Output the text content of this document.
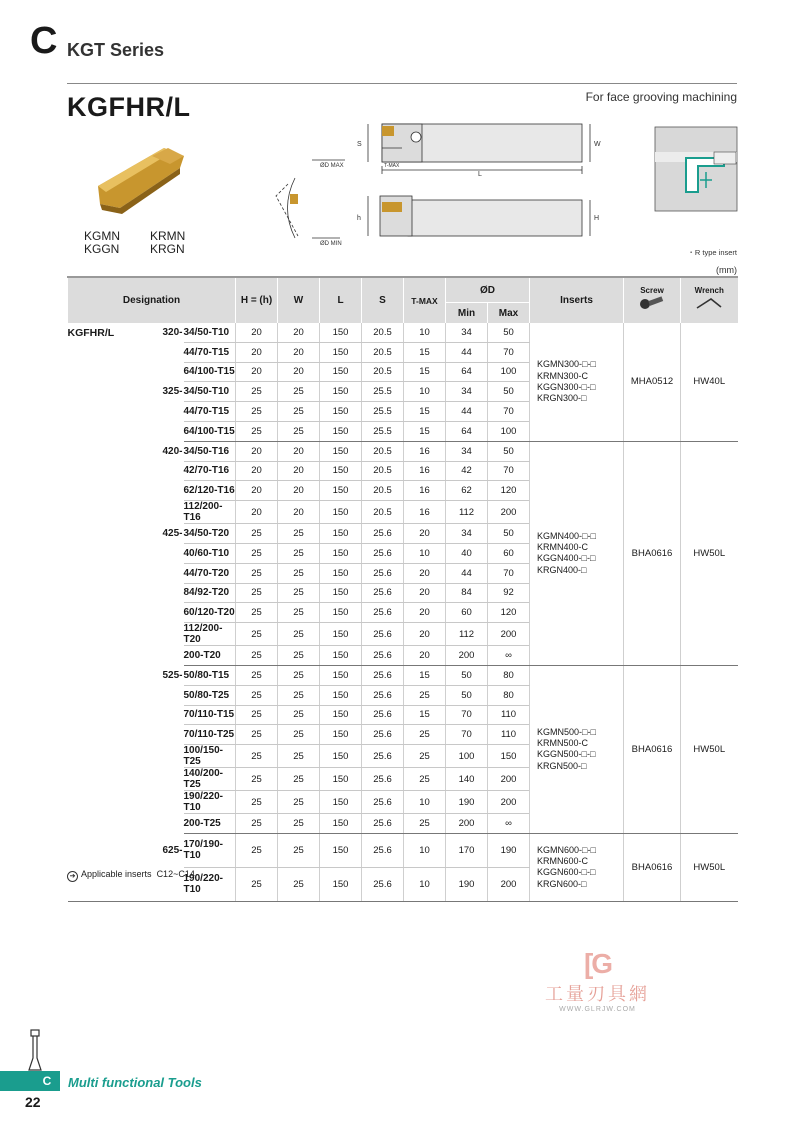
C KGT Series
KGFHR/L	For face grooving machining
KGMN	KRMN
KGGN	KRGN
S	W
L
T-MAX
h	H
ØD MAX
ØD MIN
・R type insert
(mm)
Designation			H = (h)	W	L	S	T-MAX	ØD		Inserts	Screw	Wrench

								Min	Max			
KGFHR/L	320-	34/50-T10	20	20	150	20.5	10	34	50	KGMN300-□-□
KRMN300-C
KGGN300-□-□
KRGN300-□	MHA0512	HW40L
		44/70-T15	20	20	150	20.5	15	44	70			
		64/100-T15	20	20	150	20.5	15	64	100			
	325-	34/50-T10	25	25	150	25.5	10	34	50			
		44/70-T15	25	25	150	25.5	15	44	70			
		64/100-T15	25	25	150	25.5	15	64	100			
	420-	34/50-T16	20	20	150	20.5	16	34	50	KGMN400-□-□
KRMN400-C
KGGN400-□-□
KRGN400-□	BHA0616	HW50L
		42/70-T16	20	20	150	20.5	16	42	70			
		62/120-T16	20	20	150	20.5	16	62	120			
		112/200-T16	20	20	150	20.5	16	112	200			
	425-	34/50-T20	25	25	150	25.6	20	34	50			
		40/60-T10	25	25	150	25.6	10	40	60			
		44/70-T20	25	25	150	25.6	20	44	70			
		84/92-T20	25	25	150	25.6	20	84	92			
		60/120-T20	25	25	150	25.6	20	60	120			
		112/200-T20	25	25	150	25.6	20	112	200			
		200-T20	25	25	150	25.6	20	200	∞			
	525-	50/80-T15	25	25	150	25.6	15	50	80	KGMN500-□-□
KRMN500-C
KGGN500-□-□
KRGN500-□	BHA0616	HW50L
		50/80-T25	25	25	150	25.6	25	50	80			
		70/110-T15	25	25	150	25.6	15	70	110			
		70/110-T25	25	25	150	25.6	25	70	110			
		100/150-T25	25	25	150	25.6	25	100	150			
		140/200-T25	25	25	150	25.6	25	140	200			
		190/220-T10	25	25	150	25.6	10	190	200			
		200-T25	25	25	150	25.6	25	200	∞			
	625-	170/190-T10	25	25	150	25.6	10	170	190	KGMN600-□-□
KRMN600-C
KGGN600-□-□
KRGN600-□	BHA0616	HW50L
		190/220-T10	25	25	150	25.6	10	190	200			
➔ Applicable inserts C12~C14
[G
工量刃具網
WWW.GLRJW.COM
C	Multi functional Tools
22
